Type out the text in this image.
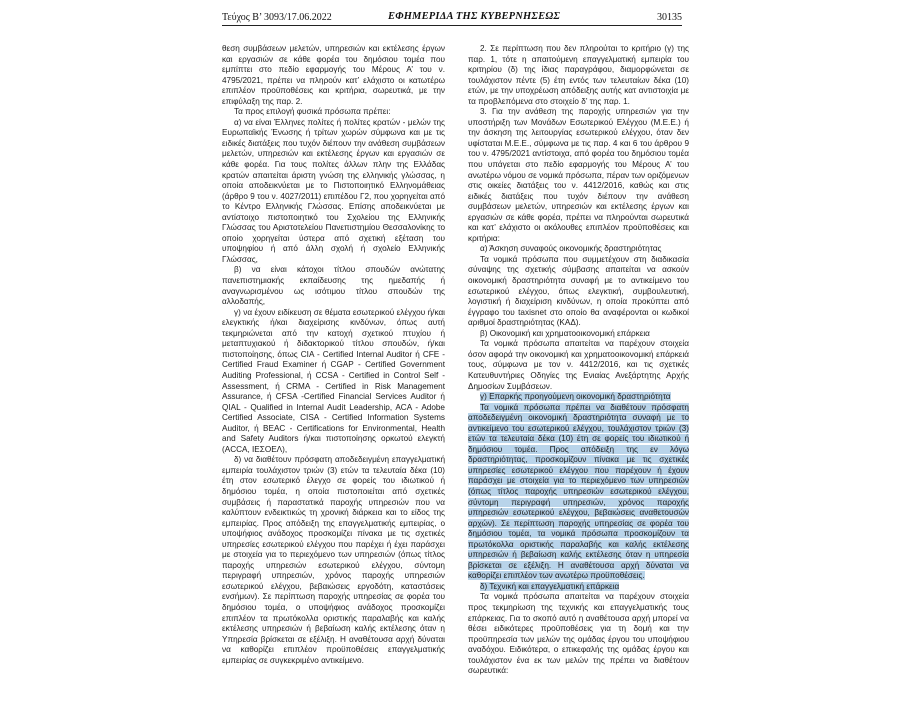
Τεύχος Β’ 3093/17.06.2022	ΕΦΗΜΕΡΙΔΑ ΤΗΣ ΚΥΒΕΡΝΗΣΕΩΣ	30135

θεση συμβάσεων μελετών, υπηρεσιών και εκτέλεσης έργων και εργασιών σε κάθε φορέα του δημόσιου τομέα που εμπίπτει στο πεδίο εφαρμογής του Μέρους Α’ του ν. 4795/2021, πρέπει να πληρούν κατ’ ελάχιστο οι κατωτέρω επιπλέον προϋποθέσεις και κριτήρια, σωρευτικά, με την επιφύλαξη της παρ. 2.

Τα προς επιλογή φυσικά πρόσωπα πρέπει:

α) να είναι Έλληνες πολίτες ή πολίτες κρατών - μελών της Ευρωπαϊκής Ένωσης ή τρίτων χωρών σύμφωνα και με τις ειδικές διατάξεις που τυχόν διέπουν την ανάθεση συμβάσεων μελετών, υπηρεσιών και εκτέλεσης έργων και εργασιών σε κάθε φορέα. Για τους πολίτες άλλων πλην της Ελλάδας κρατών απαιτείται άριστη γνώση της ελληνικής γλώσσας, η οποία αποδεικνύεται με το Πιστοποιητικό Ελληνομάθειας (άρθρο 9 του ν. 4027/2011) επιπέδου Γ2, που χορηγείται από το Κέντρο Ελληνικής Γλώσσας. Επίσης αποδεικνύεται με αντίστοιχο πιστοποιητικό του Σχολείου της Ελληνικής Γλώσσας του Αριστοτελείου Πανεπιστημίου Θεσσαλονίκης το οποίο χορηγείται ύστερα από σχετική εξέταση του υποψηφίου ή από άλλη σχολή ή σχολείο Ελληνικής Γλώσσας,

β) να είναι κάτοχοι τίτλου σπουδών ανώτατης πανεπιστημιακής εκπαίδευσης της ημεδαπής ή αναγνωρισμένου ως ισότιμου τίτλου σπουδών της αλλοδαπής,

γ) να έχουν ειδίκευση σε θέματα εσωτερικού ελέγχου ή/και ελεγκτικής ή/και διαχείρισης κινδύνων, όπως αυτή τεκμηριώνεται από την κατοχή σχετικού πτυχίου ή μεταπτυχιακού ή διδακτορικού τίτλου σπουδών, ή/και πιστοποίησης, όπως CIA - Certified Internal Auditor ή CFE - Certified Fraud Examiner ή CGAP - Certified Government Auditing Professional, ή CCSA - Certified in Control Self - Assessment, ή CRMA - Certified in Risk Management Assurance, ή CFSA -Certified Financial Services Auditor ή QIAL - Qualified in Internal Audit Leadership, ACA - Adobe Certified Associate, CISA - Certified Information Systems Auditor, ή BEAC - Certifications for Environmental, Health and Safety Auditors ή/και πιστοποίησης ορκωτού ελεγκτή (ACCA, ΙΕΣΟΕΛ),

δ) να διαθέτουν πρόσφατη αποδεδειγμένη επαγγελματική εμπειρία τουλάχιστον τριών (3) ετών τα τελευταία δέκα (10) έτη στον εσωτερικό έλεγχο σε φορείς του ιδιωτικού ή δημόσιου τομέα, η οποία πιστοποιείται από σχετικές συμβάσεις ή παραστατικά παροχής υπηρεσιών που να καλύπτουν ενδεικτικώς τη χρονική διάρκεια και το είδος της εμπειρίας. Προς απόδειξη της επαγγελματικής εμπειρίας, ο υποψήφιος ανάδοχος προσκομίζει πίνακα με τις σχετικές υπηρεσίες εσωτερικού ελέγχου που παρέχει ή έχει παράσχει με στοιχεία για το περιεχόμενο των υπηρεσιών (όπως τίτλος παροχής υπηρεσιών εσωτερικού ελέγχου, σύντομη περιγραφή υπηρεσιών, χρόνος παροχής υπηρεσιών εσωτερικού ελέγχου, βεβαιώσεις εργοδότη, καταστάσεις ενσήμων). Σε περίπτωση παροχής υπηρεσίας σε φορέα του δημόσιου τομέα, ο υποψήφιος ανάδοχος προσκομίζει επιπλέον τα πρωτόκολλα οριστικής παραλαβής και καλής εκτέλεσης υπηρεσιών ή βεβαίωση καλής εκτέλεσης όταν η Υπηρεσία βρίσκεται σε εξέλιξη. Η αναθέτουσα αρχή δύναται να καθορίζει επιπλέον προϋποθέσεις επαγγελματικής εμπειρίας σε συγκεκριμένο αντικείμενο.

2. Σε περίπτωση που δεν πληρούται το κριτήριο (γ) της παρ. 1, τότε η απαιτούμενη επαγγελματική εμπειρία του κριτηρίου (δ) της ίδιας παραγράφου, διαμορφώνεται σε τουλάχιστον πέντε (5) έτη εντός των τελευταίων δέκα (10) ετών, με την υποχρέωση απόδειξης αυτής κατ αντιστοιχία με τα προβλεπόμενα στο στοιχείο δ’ της παρ. 1.

3. Για την ανάθεση της παροχής υπηρεσιών για την υποστήριξη των Μονάδων Εσωτερικού Ελέγχου (Μ.Ε.Ε.) ή την άσκηση της λειτουργίας εσωτερικού ελέγχου, όταν δεν υφίσταται Μ.Ε.Ε., σύμφωνα με τις παρ. 4 και 6 του άρθρου 9 του ν. 4795/2021 αντίστοιχα, από φορέα του δημόσιου τομέα που υπάγεται στο πεδίο εφαρμογής του Μέρους Α’ του ανωτέρω νόμου σε νομικά πρόσωπα, πέραν των οριζόμενων στις οικείες διατάξεις του ν. 4412/2016, καθώς και στις ειδικές διατάξεις που τυχόν διέπουν την ανάθεση συμβάσεων μελετών, υπηρεσιών και εκτέλεσης έργων και εργασιών σε κάθε φορέα, πρέπει να πληρούνται σωρευτικά και κατ’ ελάχιστο οι ακόλουθες επιπλέον προϋποθέσεις και κριτήρια:

α) Άσκηση συναφούς οικονομικής δραστηριότητας

Τα νομικά πρόσωπα που συμμετέχουν στη διαδικασία σύναψης της σχετικής σύμβασης απαιτείται να ασκούν οικονομική δραστηριότητα συναφή με το αντικείμενο του εσωτερικού ελέγχου, όπως ελεγκτική, συμβουλευτική, λογιστική ή διαχείριση κινδύνων, η οποία προκύπτει από έγγραφο του taxisnet στο οποίο θα αναφέρονται οι κωδικοί αριθμοί δραστηριότητας (ΚΑΔ).

β) Οικονομική και χρηματοοικονομική επάρκεια

Τα νομικά πρόσωπα απαιτείται να παρέχουν στοιχεία όσον αφορά την οικονομική και χρηματοοικονομική επάρκειά τους, σύμφωνα με τον ν. 4412/2016, και τις σχετικές Κατευθυντήριες Οδηγίες της Ενιαίας Ανεξάρτητης Αρχής Δημοσίων Συμβάσεων.

γ) Επαρκής προηγούμενη οικονομική δραστηριότητα

Τα νομικά πρόσωπα πρέπει να διαθέτουν πρόσφατη αποδεδειγμένη οικονομική δραστηριότητα συναφή με το αντικείμενο του εσωτερικού ελέγχου, τουλάχιστον τριών (3) ετών τα τελευταία δέκα (10) έτη σε φορείς του ιδιωτικού ή δημόσιου τομέα. Προς απόδειξη της εν λόγω δραστηριότητας, προσκομίζουν πίνακα με τις σχετικές υπηρεσίες εσωτερικού ελέγχου που παρέχουν ή έχουν παράσχει με στοιχεία για το περιεχόμενο των υπηρεσιών (όπως τίτλος παροχής υπηρεσιών εσωτερικού ελέγχου, σύντομη περιγραφή υπηρεσιών, χρόνος παροχής υπηρεσιών εσωτερικού ελέγχου, βεβαιώσεις αναθετουσών αρχών). Σε περίπτωση παροχής υπηρεσίας σε φορέα του δημόσιου τομέα, τα νομικά πρόσωπα προσκομίζουν τα πρωτόκολλα οριστικής παραλαβής και καλής εκτέλεσης υπηρεσιών ή βεβαίωση καλής εκτέλεσης όταν η υπηρεσία βρίσκεται σε εξέλιξη. Η αναθέτουσα αρχή δύναται να καθορίζει επιπλέον των ανωτέρω προϋποθέσεις.

δ) Τεχνική και επαγγελματική επάρκεια

Τα νομικά πρόσωπα απαιτείται να παρέχουν στοιχεία προς τεκμηρίωση της τεχνικής και επαγγελματικής τους επάρκειας. Για το σκοπό αυτό η αναθέτουσα αρχή μπορεί να θέσει ειδικότερες προϋποθέσεις για τη δομή και την προϋπηρεσία των μελών της ομάδας έργου του υποψήφιου αναδόχου. Ειδικότερα, ο επικεφαλής της ομάδας έργου και τουλάχιστον ένα εκ των μελών της πρέπει να διαθέτουν σωρευτικά:
